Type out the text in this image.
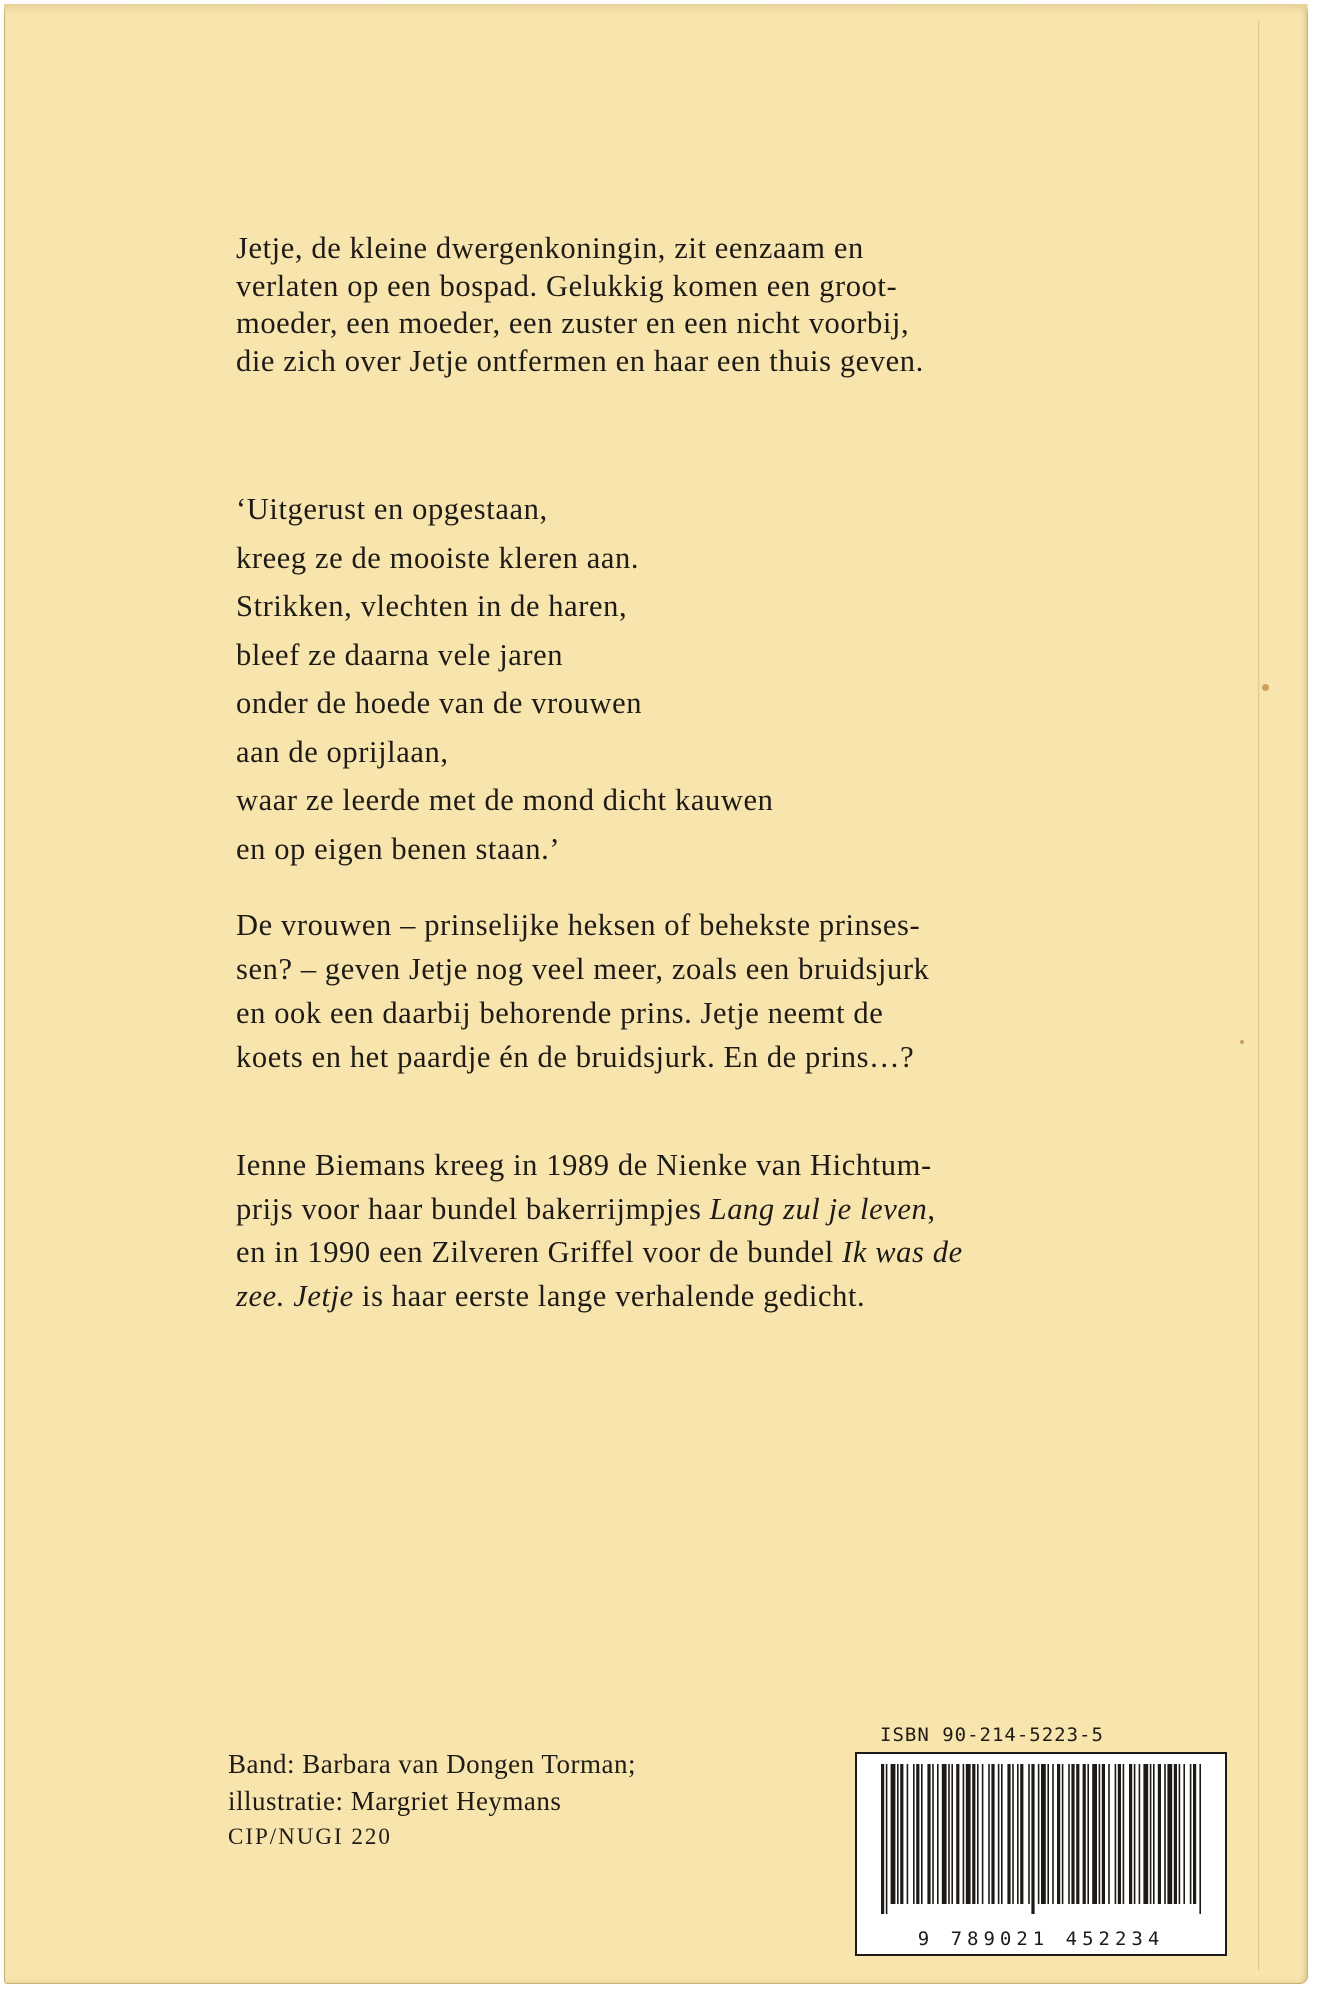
Jetje, de kleine dwergenkoningin, zit eenzaam en
verlaten op een bospad. Gelukkig komen een groot-
moeder, een moeder, een zuster en een nicht voorbij,
die zich over Jetje ontfermen en haar een thuis geven.
‘Uitgerust en opgestaan,
kreeg ze de mooiste kleren aan.
Strikken, vlechten in de haren,
bleef ze daarna vele jaren
onder de hoede van de vrouwen
aan de oprijlaan,
waar ze leerde met de mond dicht kauwen
en op eigen benen staan.’
De vrouwen – prinselijke heksen of behekste prinses-
sen? – geven Jetje nog veel meer, zoals een bruidsjurk
en ook een daarbij behorende prins. Jetje neemt de
koets en het paardje én de bruidsjurk. En de prins…?
Ienne Biemans kreeg in 1989 de Nienke van Hichtum-
prijs voor haar bundel bakerrijmpjes Lang zul je leven,
en in 1990 een Zilveren Griffel voor de bundel Ik was de
zee. Jetje is haar eerste lange verhalende gedicht.
Band: Barbara van Dongen Torman;
illustratie: Margriet Heymans
CIP/NUGI 220
ISBN 90-214-5223-5
9 789021 452234
